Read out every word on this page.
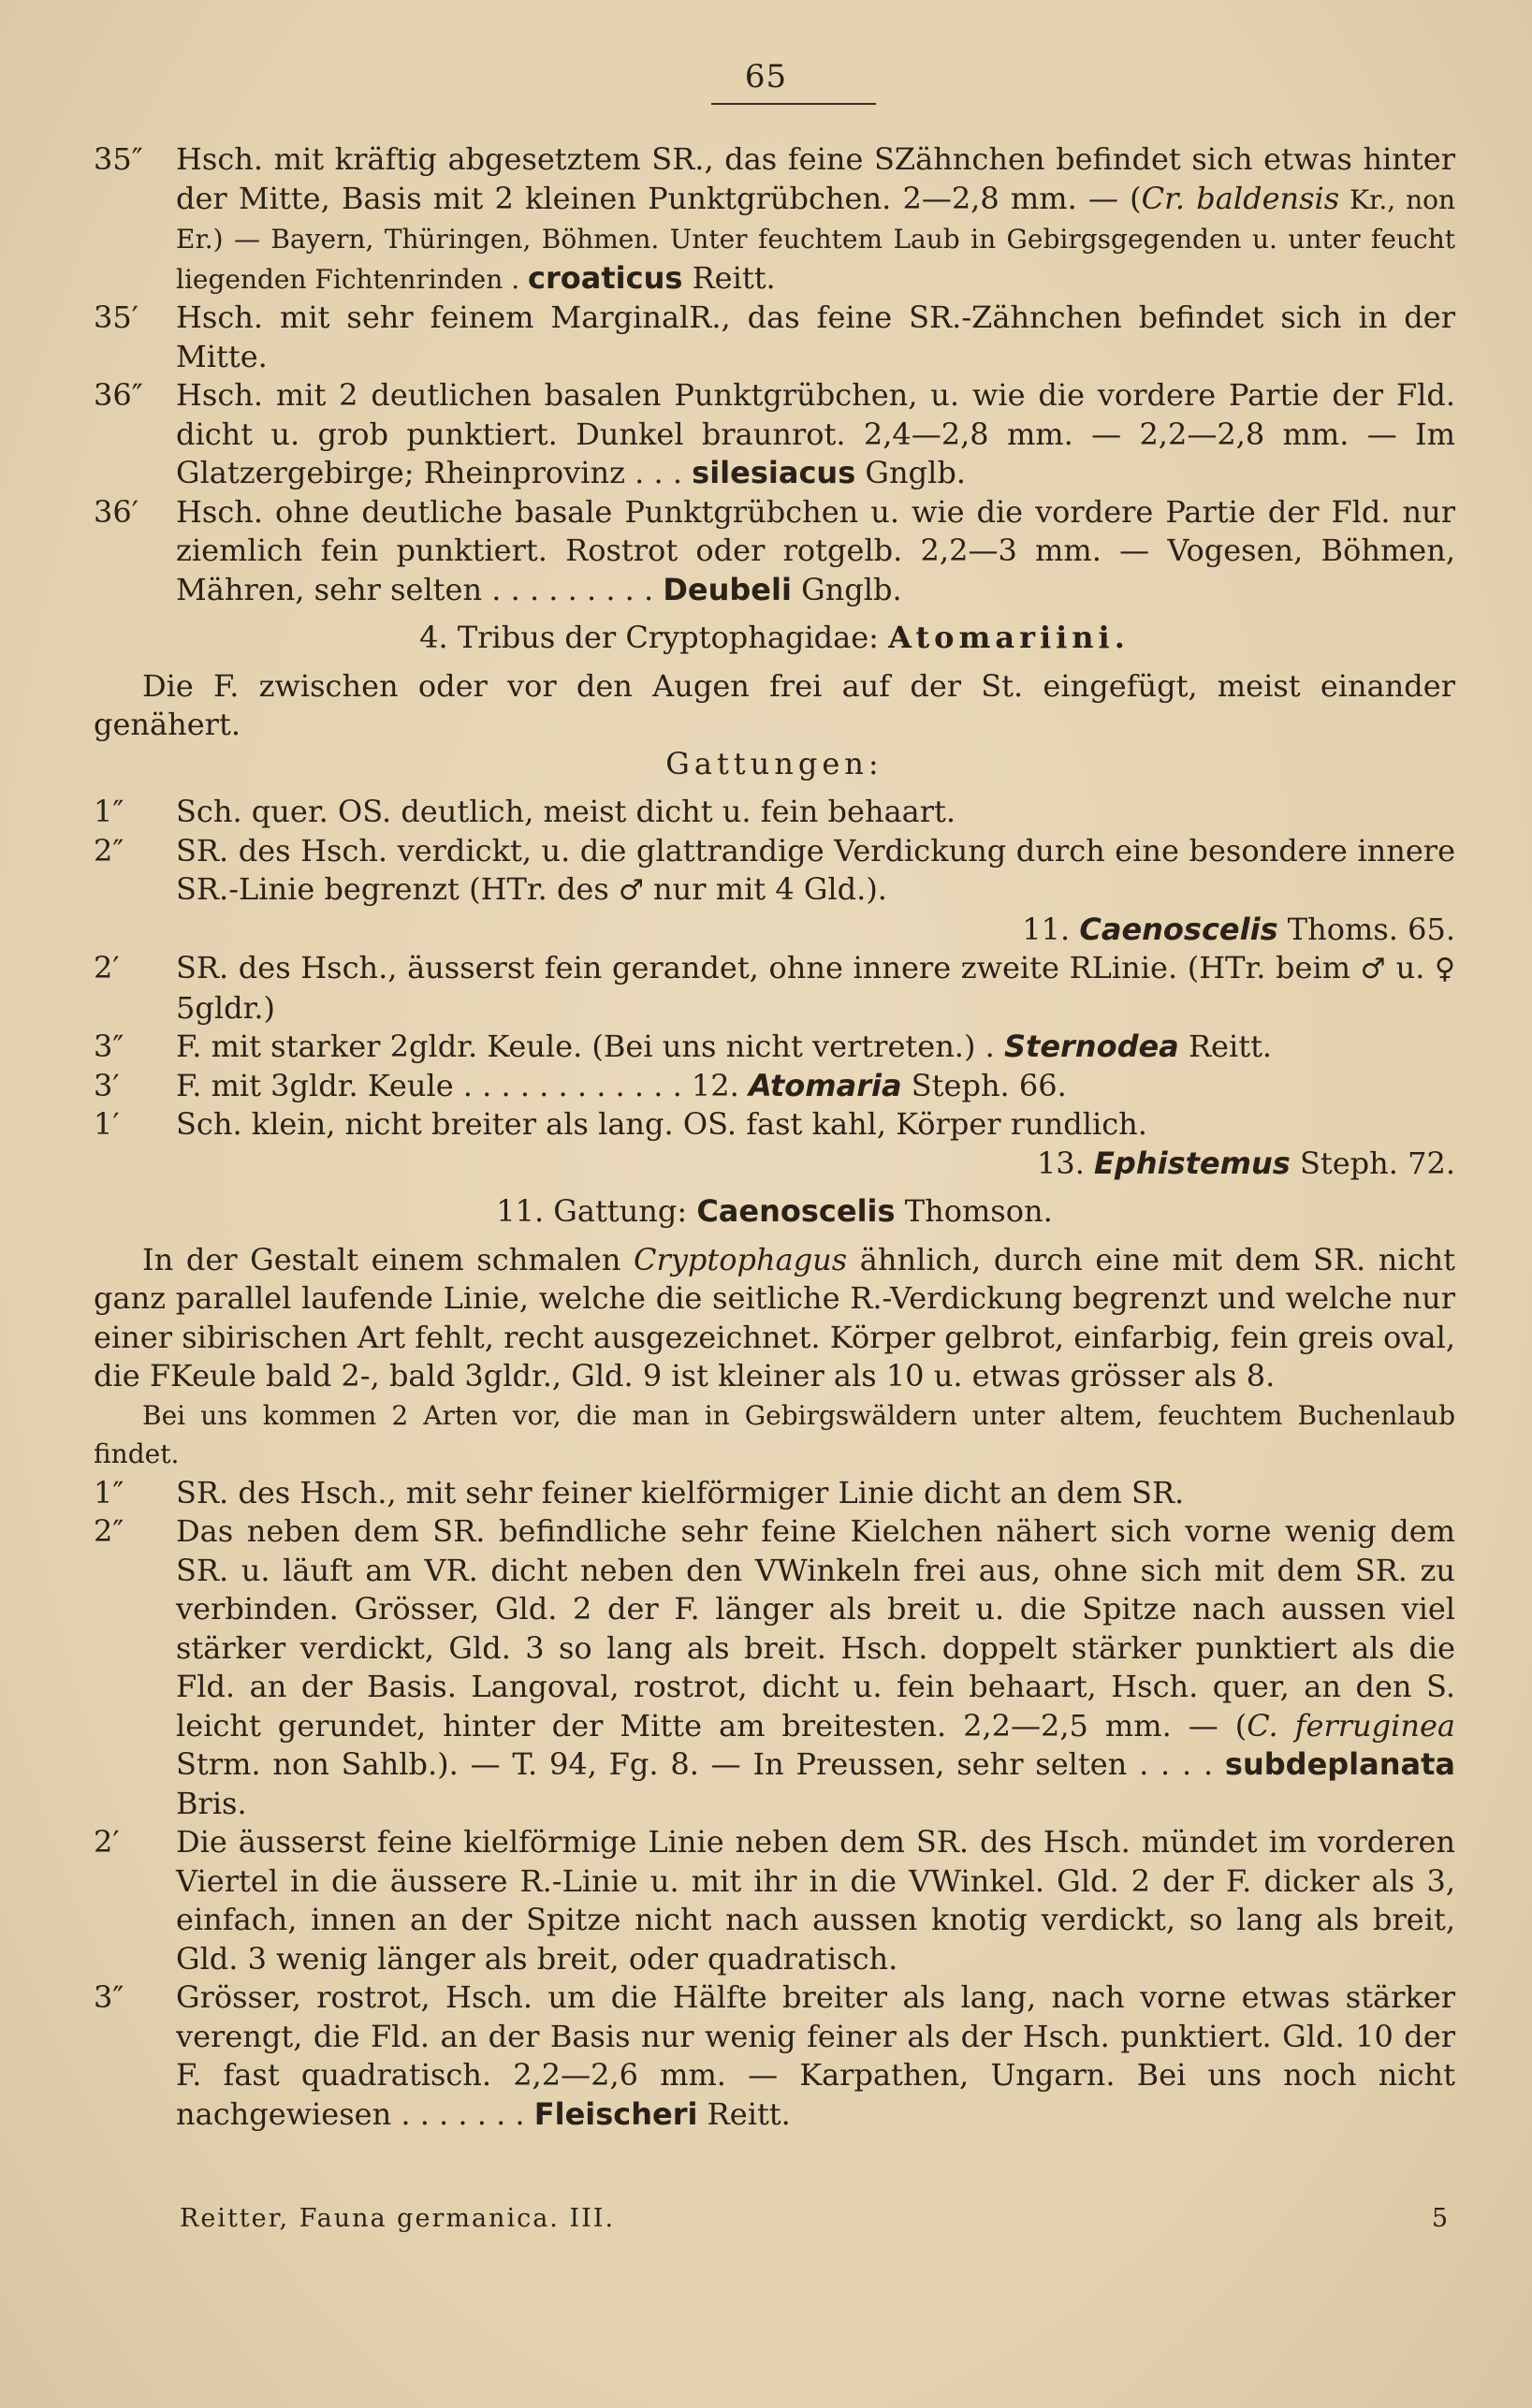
65
35″	Hsch. mit kräftig abgesetztem SR., das feine SZähnchen befindet sich etwas hinter der Mitte, Basis mit 2 kleinen Punktgrübchen. 2—2,8 mm. — (Cr. baldensis Kr., non Er.) — Bayern, Thüringen, Böhmen. Unter feuchtem Laub in Gebirgsgegenden u. unter feucht liegenden Fichtenrinden . croaticus Reitt.
35′	Hsch. mit sehr feinem MarginalR., das feine SR.-Zähnchen befindet sich in der Mitte.
36″	Hsch. mit 2 deutlichen basalen Punktgrübchen, u. wie die vordere Partie der Fld. dicht u. grob punktiert. Dunkel braunrot. 2,4—2,8 mm. — 2,2—2,8 mm. — Im Glatzergebirge; Rheinprovinz . . . silesiacus Gnglb.
36′	Hsch. ohne deutliche basale Punktgrübchen u. wie die vordere Partie der Fld. nur ziemlich fein punktiert. Rostrot oder rotgelb. 2,2—3 mm. — Vogesen, Böhmen, Mähren, sehr selten . . . . . . . . . Deubeli Gnglb.

4. Tribus der Cryptophagidae: Atomariini.

Die F. zwischen oder vor den Augen frei auf der St. eingefügt, meist einander genähert.

Gattungen:

1″	Sch. quer. OS. deutlich, meist dicht u. fein behaart.
2″	SR. des Hsch. verdickt, u. die glattrandige Verdickung durch eine besondere innere SR.-Linie begrenzt (HTr. des ♂ nur mit 4 Gld.).
11. Caenoscelis Thoms. 65.
2′	SR. des Hsch., äusserst fein gerandet, ohne innere zweite RLinie. (HTr. beim ♂ u. ♀ 5gldr.)
3″	F. mit starker 2gldr. Keule. (Bei uns nicht vertreten.) . Sternodea Reitt.
3′	F. mit 3gldr. Keule . . . . . . . . . . . . 12. Atomaria Steph. 66.
1′	Sch. klein, nicht breiter als lang. OS. fast kahl, Körper rundlich.
13. Ephistemus Steph. 72.

11. Gattung: Caenoscelis Thomson.

In der Gestalt einem schmalen Cryptophagus ähnlich, durch eine mit dem SR. nicht ganz parallel laufende Linie, welche die seitliche R.-Verdickung begrenzt und welche nur einer sibirischen Art fehlt, recht ausgezeichnet. Körper gelbrot, einfarbig, fein greis oval, die FKeule bald 2-, bald 3gldr., Gld. 9 ist kleiner als 10 u. etwas grösser als 8.

Bei uns kommen 2 Arten vor, die man in Gebirgswäldern unter altem, feuchtem Buchenlaub findet.

1″	SR. des Hsch., mit sehr feiner kielförmiger Linie dicht an dem SR.
2″	Das neben dem SR. befindliche sehr feine Kielchen nähert sich vorne wenig dem SR. u. läuft am VR. dicht neben den VWinkeln frei aus, ohne sich mit dem SR. zu verbinden. Grösser, Gld. 2 der F. länger als breit u. die Spitze nach aussen viel stärker verdickt, Gld. 3 so lang als breit. Hsch. doppelt stärker punktiert als die Fld. an der Basis. Langoval, rostrot, dicht u. fein behaart, Hsch. quer, an den S. leicht gerundet, hinter der Mitte am breitesten. 2,2—2,5 mm. — (C. ferruginea Strm. non Sahlb.). — T. 94, Fg. 8. — In Preussen, sehr selten . . . . subdeplanata Bris.
2′	Die äusserst feine kielförmige Linie neben dem SR. des Hsch. mündet im vorderen Viertel in die äussere R.-Linie u. mit ihr in die VWinkel. Gld. 2 der F. dicker als 3, einfach, innen an der Spitze nicht nach aussen knotig verdickt, so lang als breit, Gld. 3 wenig länger als breit, oder quadratisch.
3″	Grösser, rostrot, Hsch. um die Hälfte breiter als lang, nach vorne etwas stärker verengt, die Fld. an der Basis nur wenig feiner als der Hsch. punktiert. Gld. 10 der F. fast quadratisch. 2,2—2,6 mm. — Karpathen, Ungarn. Bei uns noch nicht nachgewiesen . . . . . . . Fleischeri Reitt.
Reitter, Fauna germanica. III.	5
